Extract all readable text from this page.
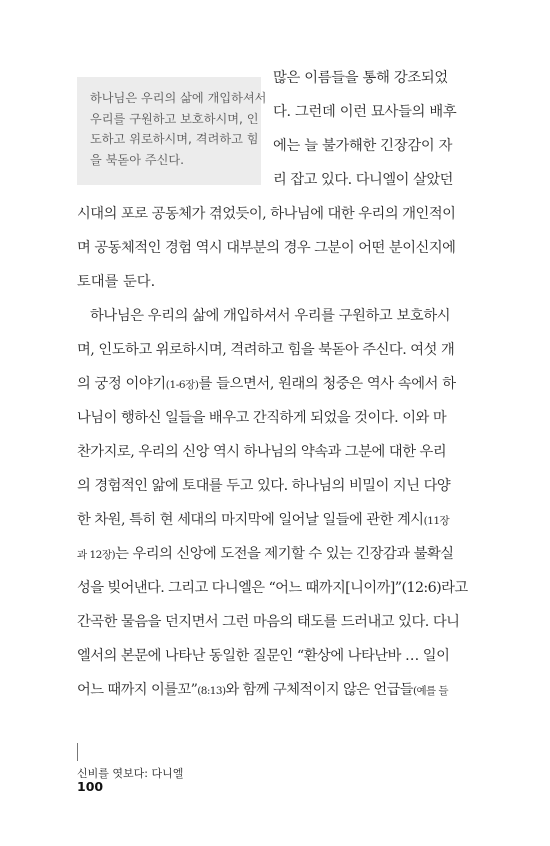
하나님은 우리의 삶에 개입하셔서
우리를 구원하고 보호하시며, 인
도하고 위로하시며, 격려하고 힘
을 북돋아 주신다.
많은 이름들을 통해 강조되었
다. 그런데 이런 묘사들의 배후
에는 늘 불가해한 긴장감이 자
리 잡고 있다. 다니엘이 살았던
시대의 포로 공동체가 겪었듯이, 하나님에 대한 우리의 개인적이
며 공동체적인 경험 역시 대부분의 경우 그분이 어떤 분이신지에
토대를 둔다.
하나님은 우리의 삶에 개입하셔서 우리를 구원하고 보호하시
며, 인도하고 위로하시며, 격려하고 힘을 북돋아 주신다. 여섯 개
의 궁정 이야기(1-6장)를 들으면서, 원래의 청중은 역사 속에서 하
나님이 행하신 일들을 배우고 간직하게 되었을 것이다. 이와 마
찬가지로, 우리의 신앙 역시 하나님의 약속과 그분에 대한 우리
의 경험적인 앎에 토대를 두고 있다. 하나님의 비밀이 지닌 다양
한 차원, 특히 현 세대의 마지막에 일어날 일들에 관한 계시(11장
과 12장)는 우리의 신앙에 도전을 제기할 수 있는 긴장감과 불확실
성을 빚어낸다. 그리고 다니엘은 “어느 때까지[니이까]”(12:6)라고
간곡한 물음을 던지면서 그런 마음의 태도를 드러내고 있다. 다니
엘서의 본문에 나타난 동일한 질문인 “환상에 나타난바 … 일이
어느 때까지 이를꼬”(8:13)와 함께 구체적이지 않은 언급들(예를 들
신비를 엿보다: 다니엘
100
